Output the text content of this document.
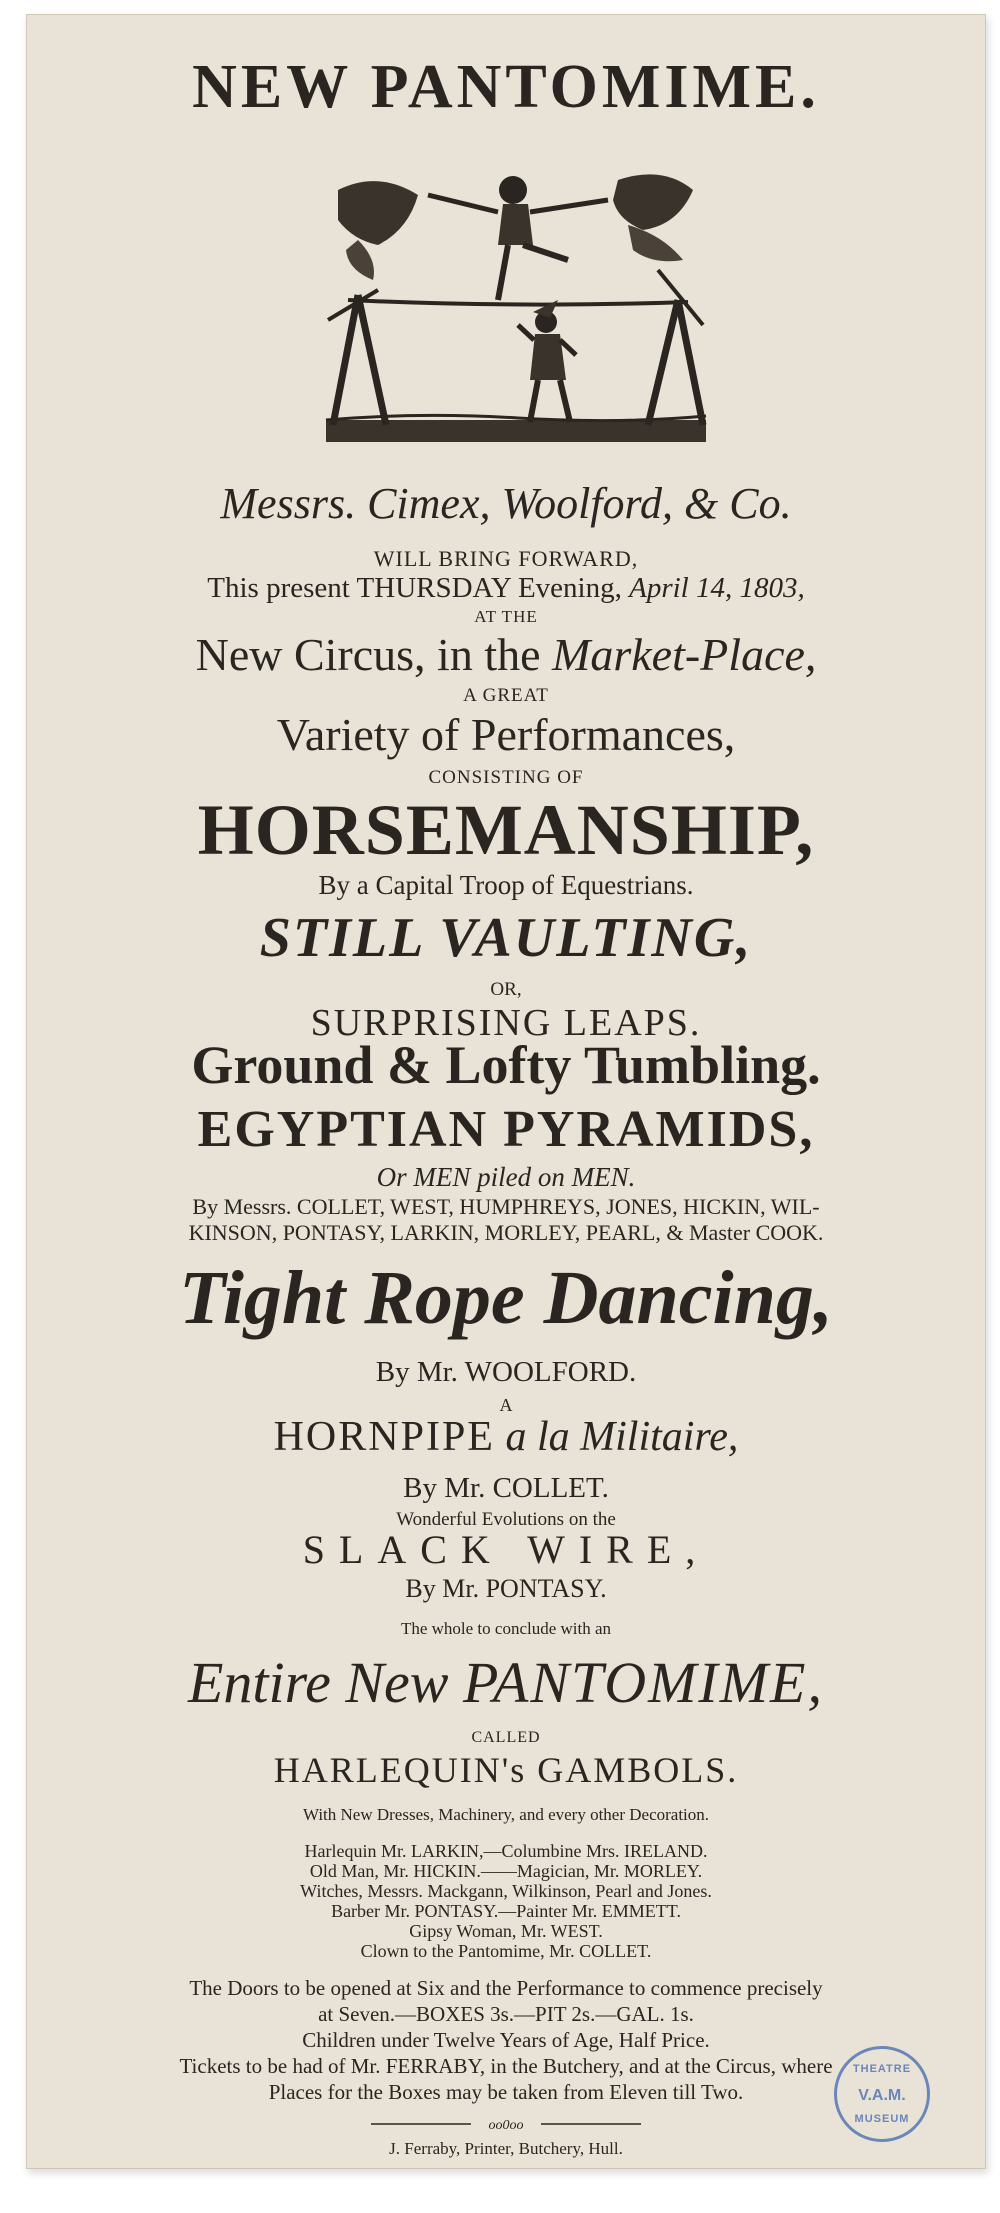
NEW PANTOMIME.
Messrs. Cimex, Woolford, & Co.
WILL BRING FORWARD,
This present THURSDAY Evening, April 14, 1803,
AT THE
New Circus, in the Market-Place,
A GREAT
Variety of Performances,
CONSISTING OF
HORSEMANSHIP,
By a Capital Troop of Equestrians.
STILL VAULTING,
OR,
SURPRISING LEAPS.
Ground & Lofty Tumbling.
EGYPTIAN PYRAMIDS,
Or MEN piled on MEN.
By Messrs. COLLET, WEST, HUMPHREYS, JONES, HICKIN, WIL-
KINSON, PONTASY, LARKIN, MORLEY, PEARL, & Master COOK.
Tight Rope Dancing,
By Mr. WOOLFORD.
A
HORNPIPE a la Militaire,
By Mr. COLLET.
Wonderful Evolutions on the
SLACK WIRE,
By Mr. PONTASY.
The whole to conclude with an
Entire New PANTOMIME,
CALLED
HARLEQUIN's GAMBOLS.
With New Dresses, Machinery, and every other Decoration.
Harlequin Mr. LARKIN,—Columbine Mrs. IRELAND.
Old Man, Mr. HICKIN.——Magician, Mr. MORLEY.
Witches, Messrs. Mackgann, Wilkinson, Pearl and Jones.
Barber Mr. PONTASY.—Painter Mr. EMMETT.
Gipsy Woman, Mr. WEST.
Clown to the Pantomime, Mr. COLLET.
The Doors to be opened at Six and the Performance to commence precisely
at Seven.—BOXES 3s.—PIT 2s.—GAL. 1s.
Children under Twelve Years of Age, Half Price.
Tickets to be had of Mr. FERRABY, in the Butchery, and at the Circus, where
Places for the Boxes may be taken from Eleven till Two.
oo0oo
J. Ferraby, Printer, Butchery, Hull.
THEATRE
V.A.M.
MUSEUM
